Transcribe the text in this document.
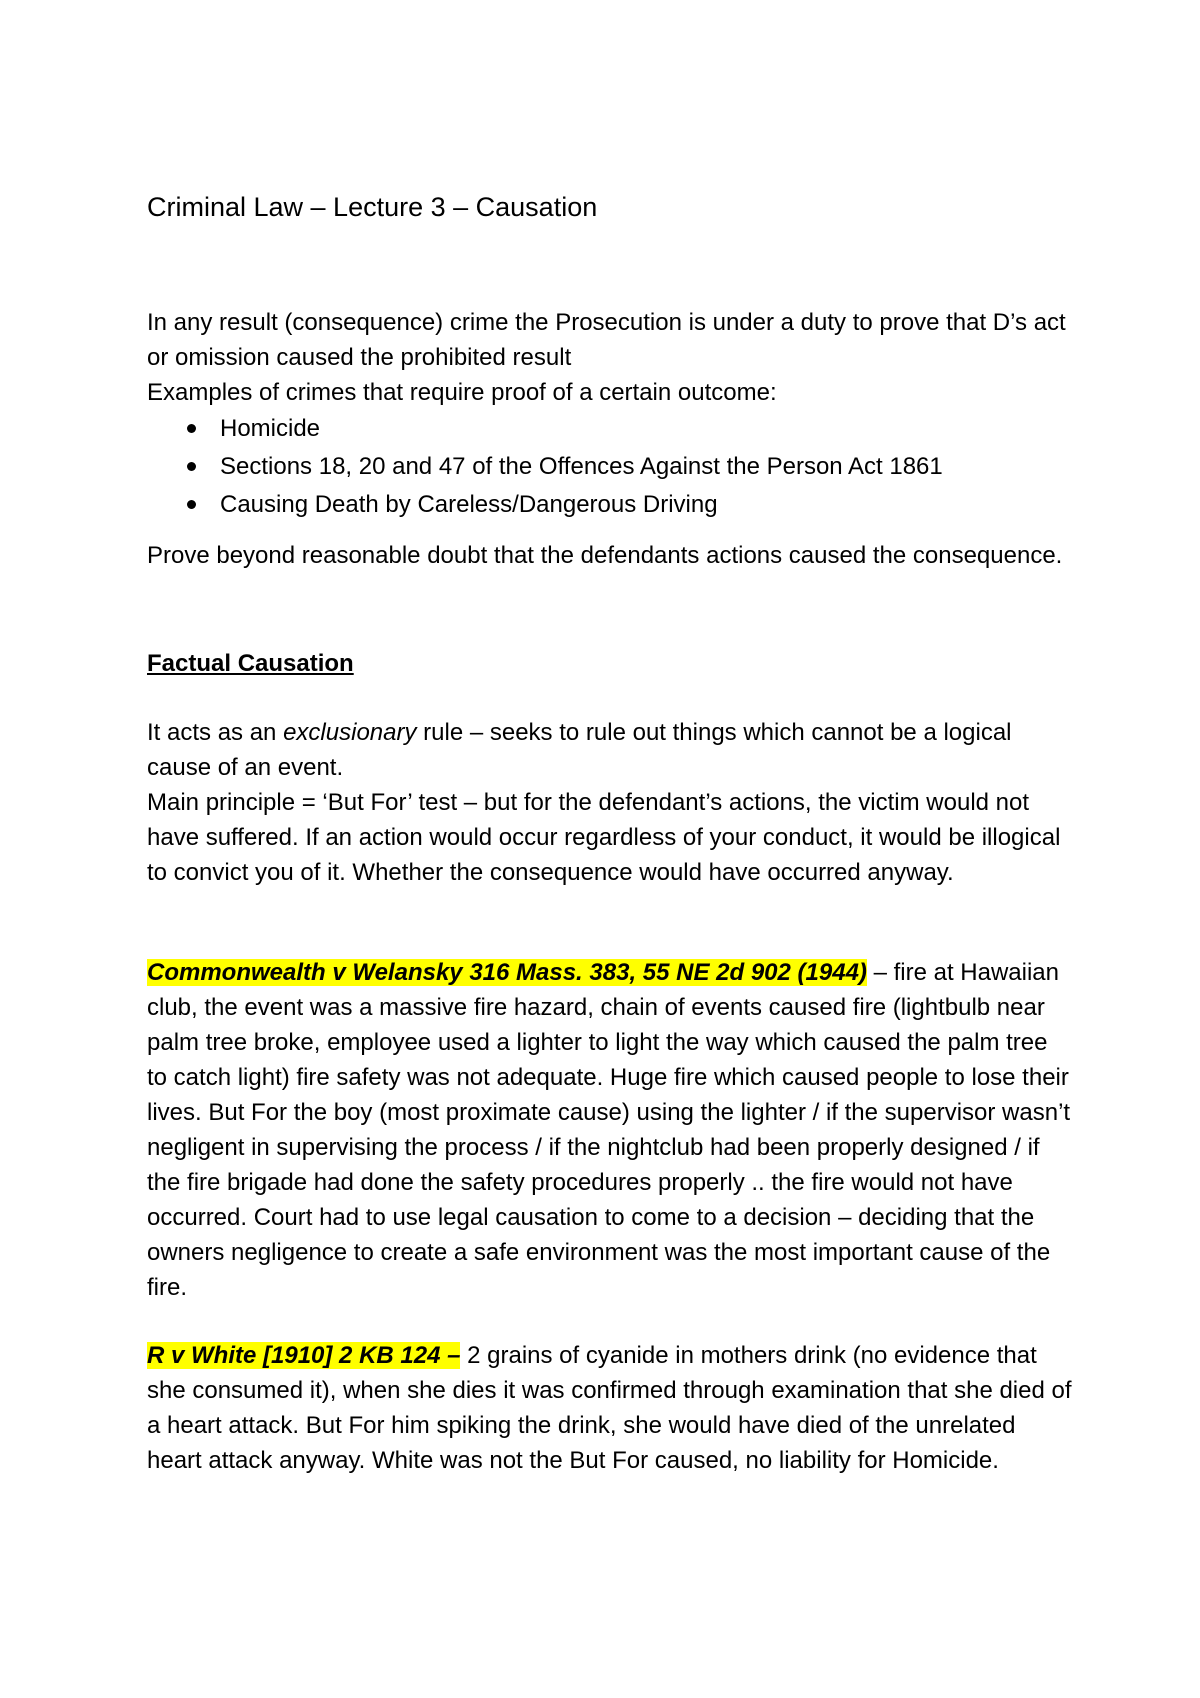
Criminal Law – Lecture 3 – Causation

In any result (consequence) crime the Prosecution is under a duty to prove that D’s act or omission caused the prohibited result
Examples of crimes that require proof of a certain outcome:

Homicide
Sections 18, 20 and 47 of the Offences Against the Person Act 1861
Causing Death by Careless/Dangerous Driving

Prove beyond reasonable doubt that the defendants actions caused the consequence.

Factual Causation

It acts as an exclusionary rule – seeks to rule out things which cannot be a logical cause of an event.
Main principle = ‘But For’ test – but for the defendant’s actions, the victim would not have suffered. If an action would occur regardless of your conduct, it would be illogical to convict you of it. Whether the consequence would have occurred anyway.

Commonwealth v Welansky 316 Mass. 383, 55 NE 2d 902 (1944) – fire at Hawaiian club, the event was a massive fire hazard, chain of events caused fire (lightbulb near palm tree broke, employee used a lighter to light the way which caused the palm tree to catch light) fire safety was not adequate. Huge fire which caused people to lose their lives. But For the boy (most proximate cause) using the lighter / if the supervisor wasn’t negligent in supervising the process / if the nightclub had been properly designed / if the fire brigade had done the safety procedures properly .. the fire would not have occurred. Court had to use legal causation to come to a decision – deciding that the owners negligence to create a safe environment was the most important cause of the fire.

R v White [1910] 2 KB 124 – 2 grains of cyanide in mothers drink (no evidence that she consumed it), when she dies it was confirmed through examination that she died of a heart attack. But For him spiking the drink, she would have died of the unrelated heart attack anyway. White was not the But For caused, no liability for Homicide.
